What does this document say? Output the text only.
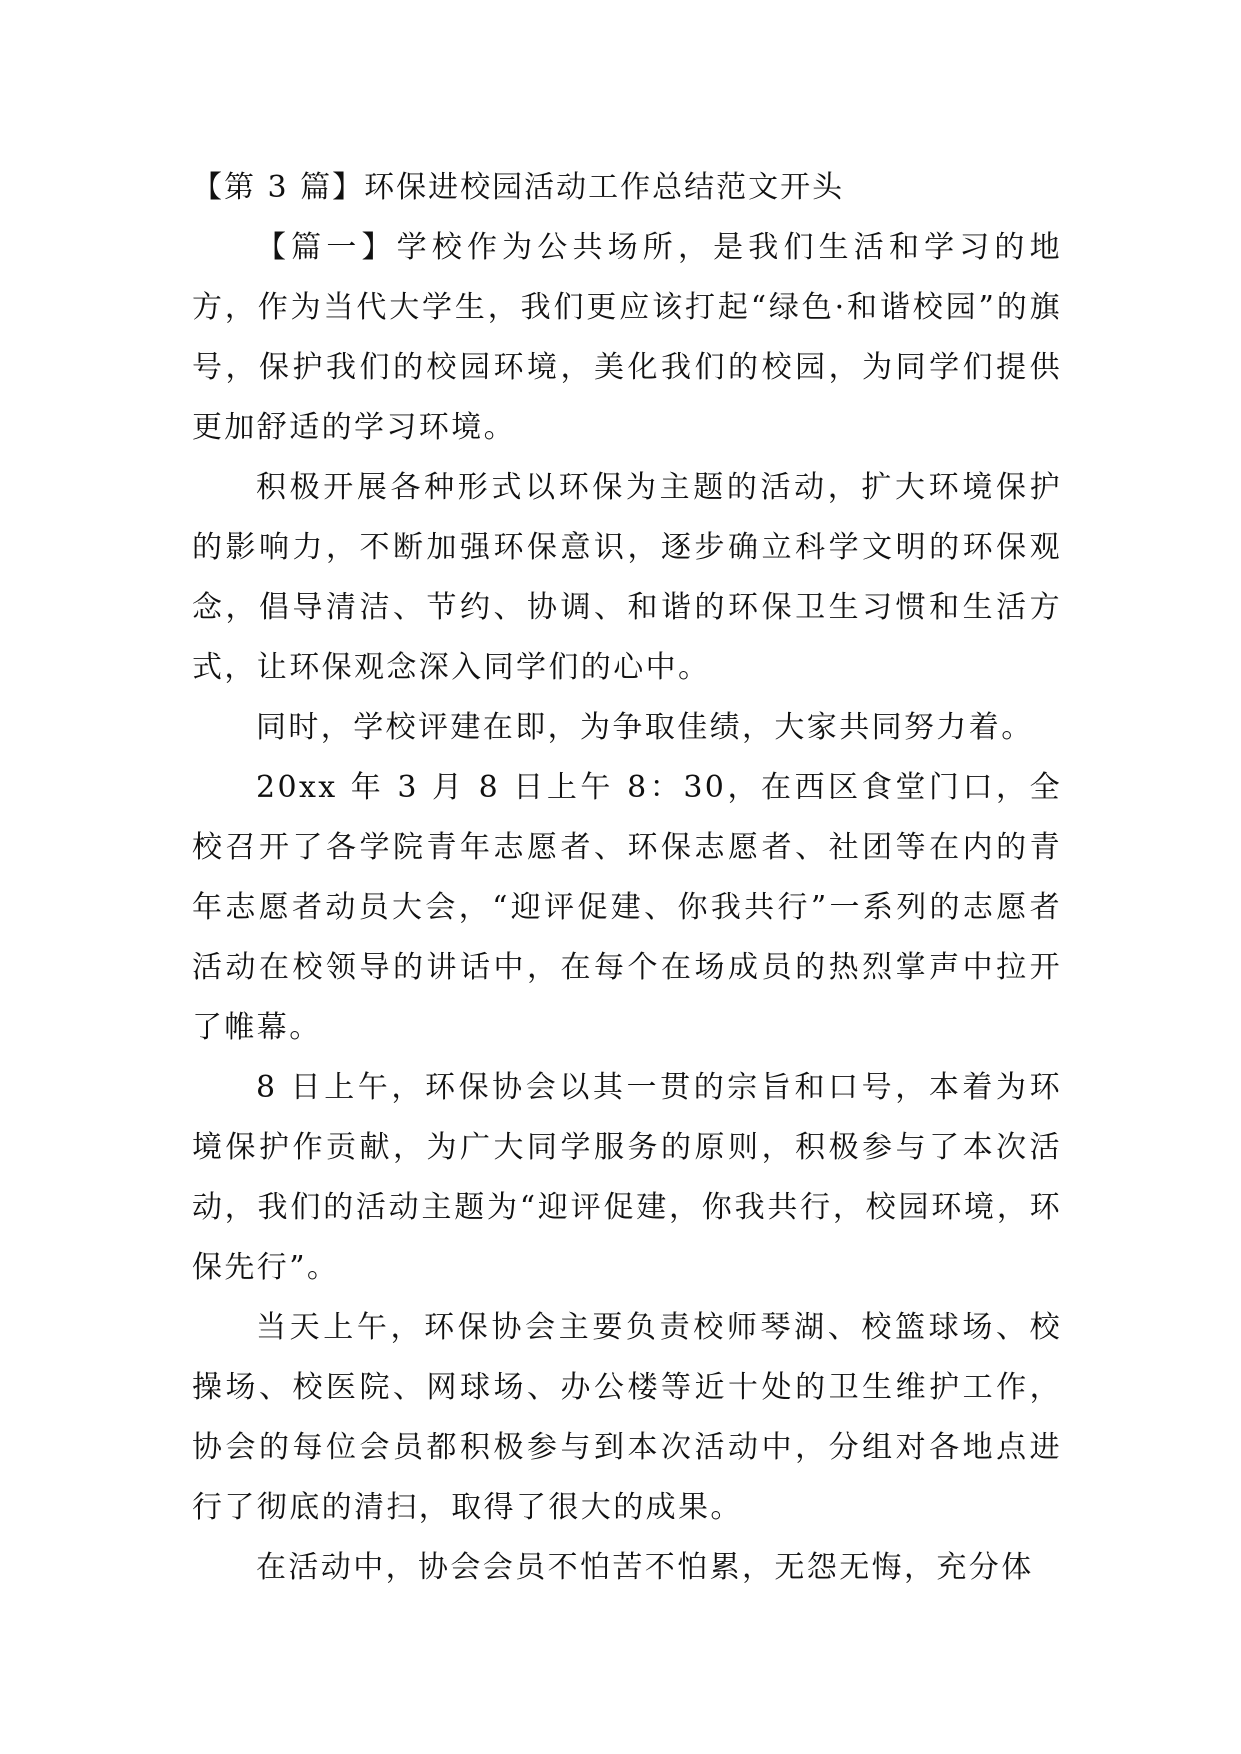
【第 3 篇】环保进校园活动工作总结范文开头

【篇一】学校作为公共场所，是我们生活和学习的地方，作为当代大学生，我们更应该打起“绿色·和谐校园”的旗号，保护我们的校园环境，美化我们的校园，为同学们提供更加舒适的学习环境。

积极开展各种形式以环保为主题的活动，扩大环境保护的影响力，不断加强环保意识，逐步确立科学文明的环保观念，倡导清洁、节约、协调、和谐的环保卫生习惯和生活方式，让环保观念深入同学们的心中。

同时，学校评建在即，为争取佳绩，大家共同努力着。

20xx 年 3 月 8 日上午 8：30，在西区食堂门口，全校召开了各学院青年志愿者、环保志愿者、社团等在内的青年志愿者动员大会，“迎评促建、你我共行”一系列的志愿者活动在校领导的讲话中，在每个在场成员的热烈掌声中拉开了帷幕。

8 日上午，环保协会以其一贯的宗旨和口号，本着为环境保护作贡献，为广大同学服务的原则，积极参与了本次活动，我们的活动主题为“迎评促建，你我共行，校园环境，环保先行”。

当天上午，环保协会主要负责校师琴湖、校篮球场、校操场、校医院、网球场、办公楼等近十处的卫生维护工作，协会的每位会员都积极参与到本次活动中，分组对各地点进行了彻底的清扫，取得了很大的成果。

在活动中，协会会员不怕苦不怕累，无怨无悔，充分体
